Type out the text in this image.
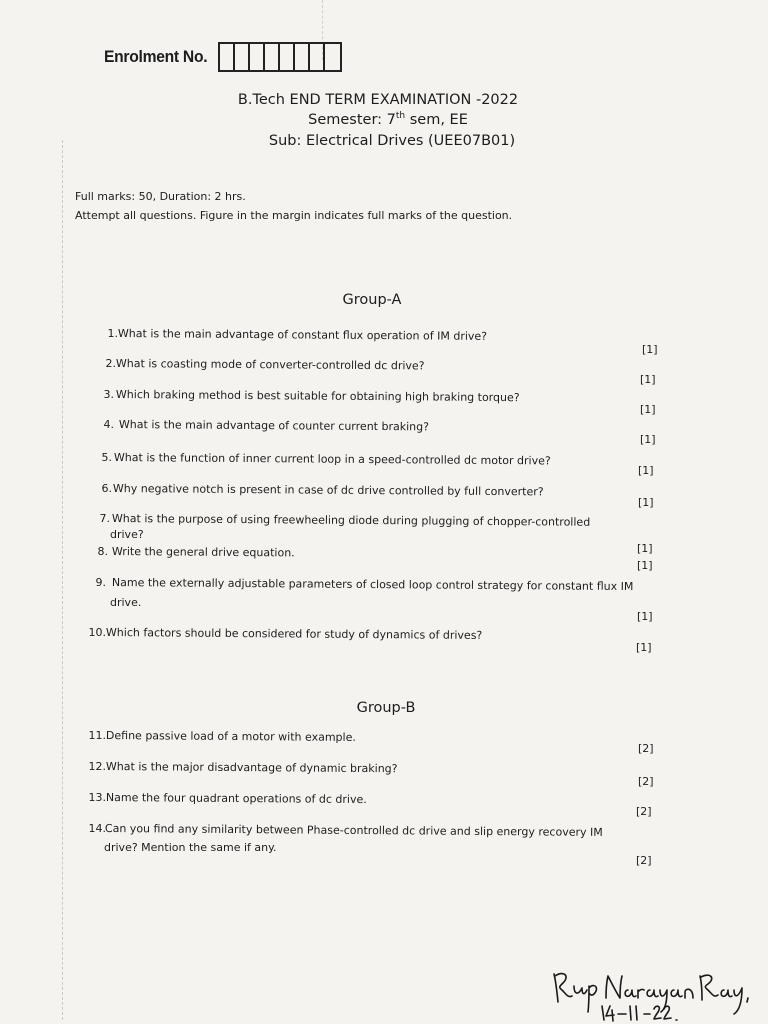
Enrolment No.
B.Tech END TERM EXAMINATION -2022
Semester: 7th sem, EE
Sub: Electrical Drives (UEE07B01)
Full marks: 50, Duration: 2 hrs.
Attempt all questions. Figure in the margin indicates full marks of the question.
Group-A
Group-B
1. What is the main advantage of constant flux operation of IM drive?
[1]
2. What is coasting mode of converter-controlled dc drive?
[1]
3. Which braking method is best suitable for obtaining high braking torque?
[1]
4. What is the main advantage of counter current braking?
[1]
5. What is the function of inner current loop in a speed-controlled dc motor drive?
[1]
6. Why negative notch is present in case of dc drive controlled by full converter?
[1]
7. What is the purpose of using freewheeling diode during plugging of chopper-controlled
drive?
[1]
8. Write the general drive equation.
[1]
9. Name the externally adjustable parameters of closed loop control strategy for constant flux IM
drive.
[1]
10. Which factors should be considered for study of dynamics of drives?
[1]
11. Define passive load of a motor with example.
[2]
12. What is the major disadvantage of dynamic braking?
[2]
13. Name the four quadrant operations of dc drive.
[2]
14.
Can you find any similarity between Phase-controlled dc drive and slip energy recovery IM
drive? Mention the same if any.
[2]
